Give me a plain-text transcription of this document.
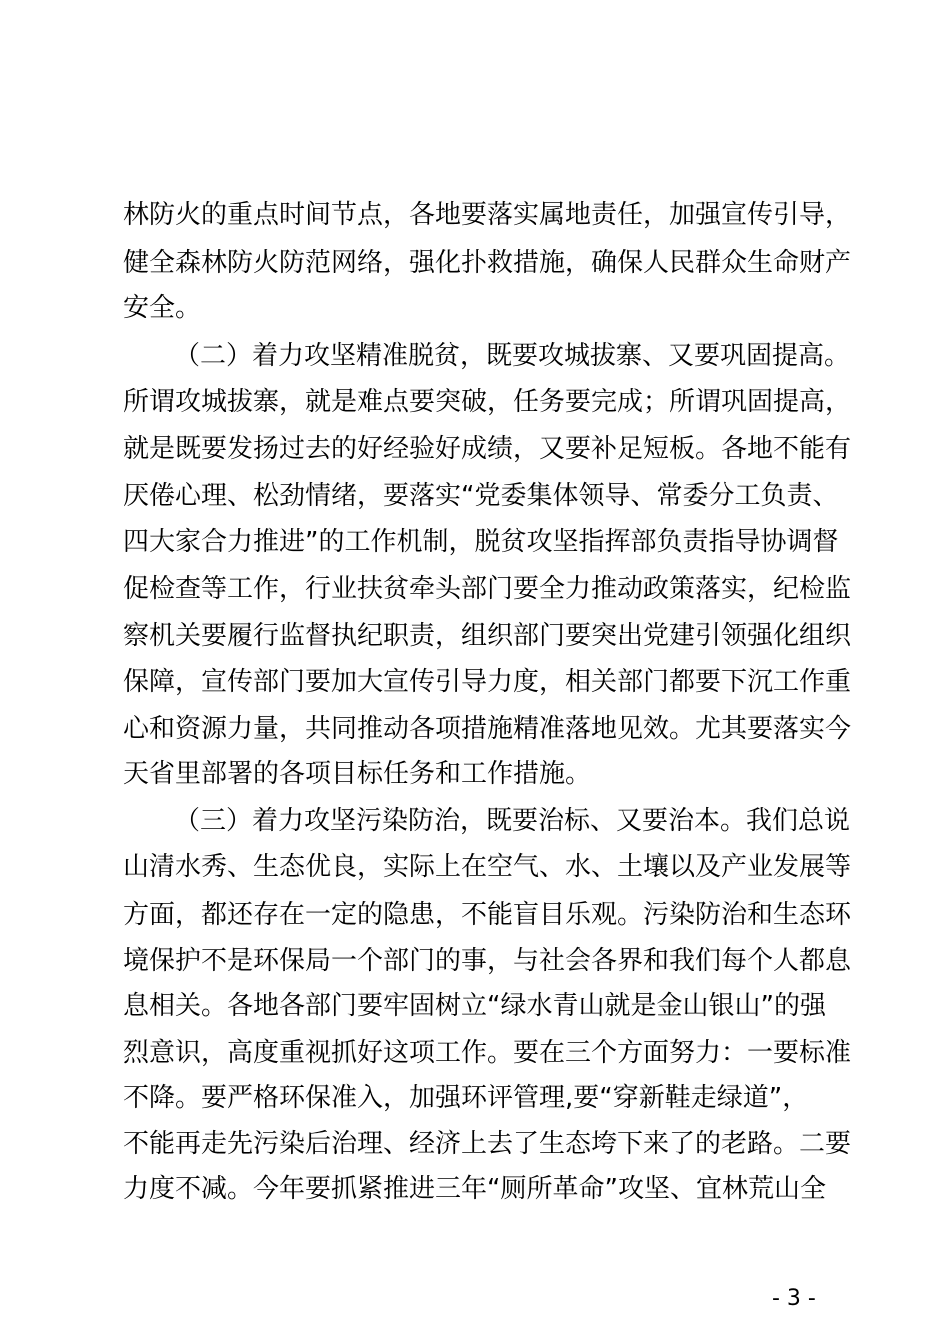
林防火的重点时间节点，各地要落实属地责任，加强宣传引导，
健全森林防火防范网络，强化扑救措施，确保人民群众生命财产
安全。
（二）着力攻坚精准脱贫，既要攻城拔寨、又要巩固提高。
所谓攻城拔寨，就是难点要突破，任务要完成；所谓巩固提高，
就是既要发扬过去的好经验好成绩，又要补足短板。各地不能有
厌倦心理、松劲情绪，要落实“党委集体领导、常委分工负责、
四大家合力推进”的工作机制，脱贫攻坚指挥部负责指导协调督
促检查等工作，行业扶贫牵头部门要全力推动政策落实，纪检监
察机关要履行监督执纪职责，组织部门要突出党建引领强化组织
保障，宣传部门要加大宣传引导力度，相关部门都要下沉工作重
心和资源力量，共同推动各项措施精准落地见效。尤其要落实今
天省里部署的各项目标任务和工作措施。
（三）着力攻坚污染防治，既要治标、又要治本。我们总说
山清水秀、生态优良，实际上在空气、水、土壤以及产业发展等
方面，都还存在一定的隐患，不能盲目乐观。污染防治和生态环
境保护不是环保局一个部门的事，与社会各界和我们每个人都息
息相关。各地各部门要牢固树立“绿水青山就是金山银山”的强
烈意识，高度重视抓好这项工作。要在三个方面努力：一要标准
不降。要严格环保准入，加强环评管理,要“穿新鞋走绿道”，
不能再走先污染后治理、经济上去了生态垮下来了的老路。二要
力度不减。今年要抓紧推进三年“厕所革命”攻坚、宜林荒山全
- 3 -
